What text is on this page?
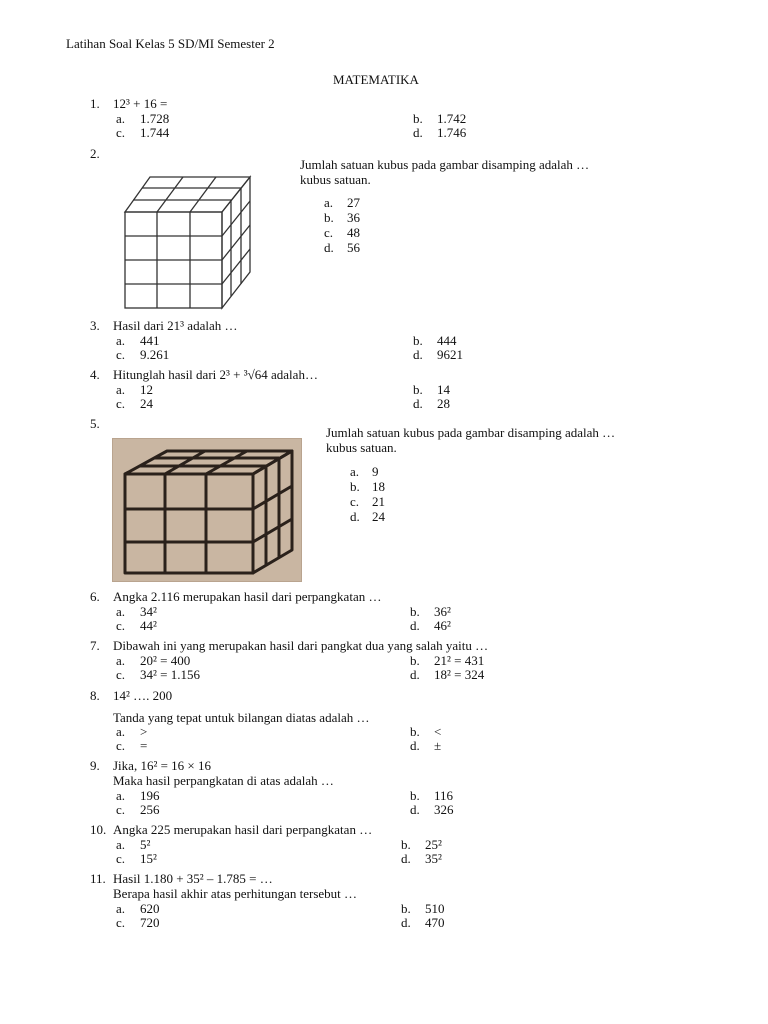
Latihan Soal Kelas 5 SD/MI Semester 2
MATEMATIKA
1. 12³ + 16 =
a. 1.728	b. 1.742
c. 1.744	d. 1.746
2.
Jumlah satuan kubus pada gambar disamping adalah …
kubus satuan.
a. 27
b. 36
c. 48
d. 56
3. Hasil dari 21³ adalah …
a. 441	b. 444
c. 9.261	d. 9621
4. Hitunglah hasil dari 2³ + ³√64 adalah…
a. 12	b. 14
c. 24	d. 28
5.
Jumlah satuan kubus pada gambar disamping adalah …
kubus satuan.
a. 9
b. 18
c. 21
d. 24
6. Angka 2.116 merupakan hasil dari perpangkatan …
a. 34²	b. 36²
c. 44²	d. 46²
7. Dibawah ini yang merupakan hasil dari pangkat dua yang salah yaitu …
a. 20² = 400	b. 21² = 431
c. 34² = 1.156	d. 18² = 324
8. 14² …. 200
Tanda yang tepat untuk bilangan diatas adalah …
a. >	b. <
c. =	d. ±
9. Jika, 16² = 16 × 16
Maka hasil perpangkatan di atas adalah …
a. 196	b. 116
c. 256	d. 326
10. Angka 225 merupakan hasil dari perpangkatan …
a. 5²	b. 25²
c. 15²	d. 35²
11. Hasil 1.180 + 35² – 1.785 = …
Berapa hasil akhir atas perhitungan tersebut …
a. 620	b. 510
c. 720	d. 470
